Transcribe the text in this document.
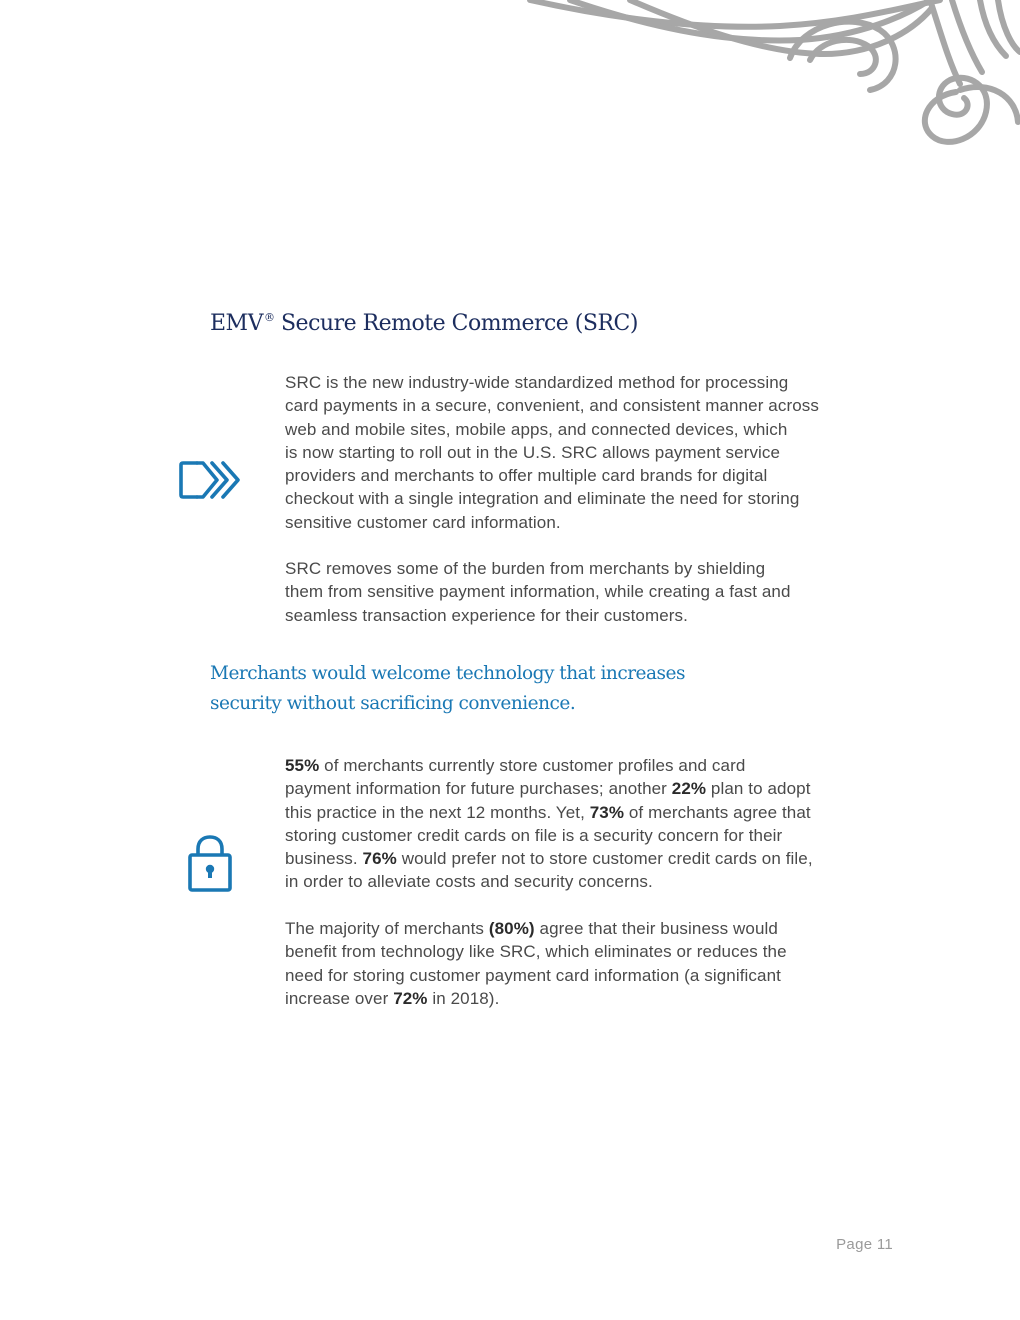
EMV® Secure Remote Commerce (SRC)

SRC is the new industry-wide standardized method for processing
card payments in a secure, convenient, and consistent manner across
web and mobile sites, mobile apps, and connected devices, which
is now starting to roll out in the U.S. SRC allows payment service
providers and merchants to offer multiple card brands for digital
checkout with a single integration and eliminate the need for storing
sensitive customer card information.

SRC removes some of the burden from merchants by shielding
them from sensitive payment information, while creating a fast and
seamless transaction experience for their customers.

Merchants would welcome technology that increases
security without sacrificing convenience.

55% of merchants currently store customer profiles and card
payment information for future purchases; another 22% plan to adopt
this practice in the next 12 months. Yet, 73% of merchants agree that
storing customer credit cards on file is a security concern for their
business. 76% would prefer not to store customer credit cards on file,
in order to alleviate costs and security concerns.

The majority of merchants (80%) agree that their business would
benefit from technology like SRC, which eliminates or reduces the
need for storing customer payment card information (a significant
increase over 72% in 2018).

Page 11
